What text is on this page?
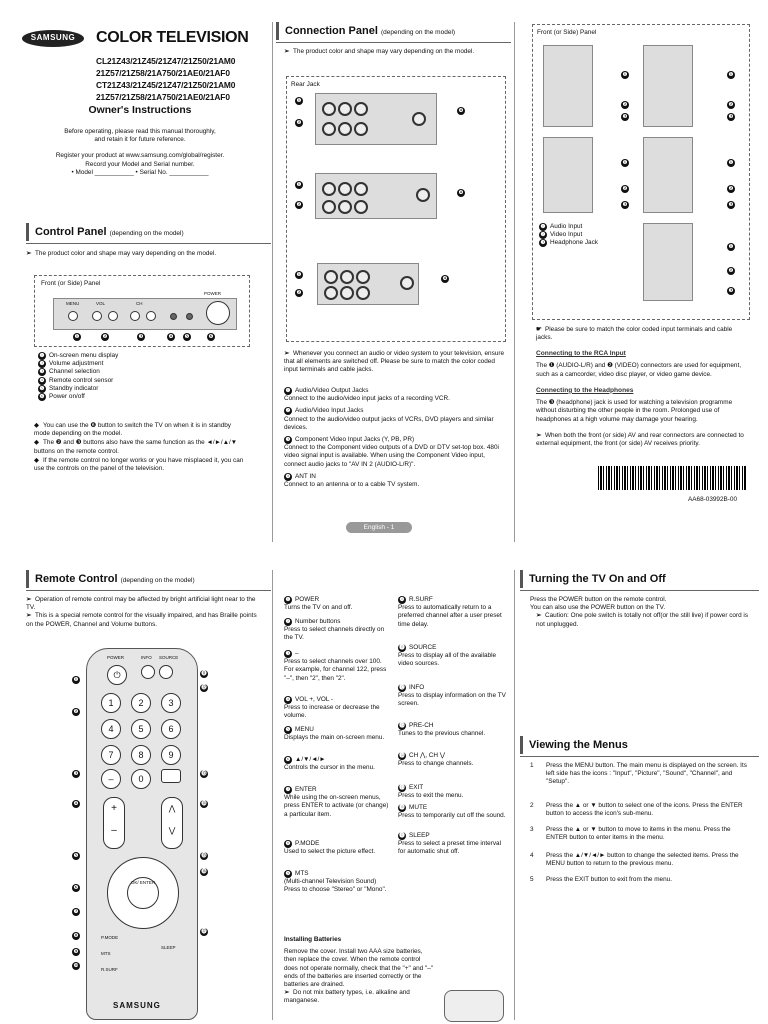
SAMSUNG	COLOR TELEVISION
CL21Z43/21Z45/21Z47/21Z50/21AM0
21Z57/21Z58/21A750/21AE0/21AF0
CT21Z43/21Z45/21Z47/21Z50/21AM0
21Z57/21Z58/21A750/21AE0/21AF0
Owner's Instructions
Before operating, please read this manual thoroughly,
and retain it for future reference.
Register your product at www.samsung.com/global/register.
Record your Model and Serial number.
• Model ___________ • Serial No. ___________
Control Panel (depending on the model)
➢ The product color and shape may vary depending on the model.
Front (or Side) Panel
MENU	VOL	CH
POWER
❶	❷	❸	❹ ❺	❻
❶ On-screen menu display
❷ Volume adjustment
❸ Channel selection
❹ Remote control sensor
❺ Standby indicator
❻ Power on/off
◆ You can use the ❻ button to switch the TV on when it is in standby mode depending on the model.
◆ The ❷ and ❸ buttons also have the same function as the ◄/►/▲/▼ buttons on the remote control.
◆ If the remote control no longer works or you have misplaced it, you can use the controls on the panel of the television.
Connection Panel (depending on the model)
➢ The product color and shape may vary depending on the model.
Rear Jack
❶
❷
❹
❶
❷
❹
❶
❷
❹
➢ Whenever you connect an audio or video system to your television, ensure that all elements are switched off. Please be sure to match the color coded input terminals and cable jacks.
❶ Audio/Video Output Jacks
Connect to the audio/video input jacks of a recording VCR.
❷ Audio/Video Input Jacks
Connect to the audio/video output jacks of VCRs, DVD players and similar devices.
❸ Component Video Input Jacks (Y, PB, PR)
Connect to the Component video outputs of a DVD or DTV set-top box. 480i video signal input is available. When using the Component Video input, connect audio jacks to "AV IN 2 (AUDIO-L/R)".
❹ ANT IN
Connect to an antenna or to a cable TV system.
English - 1
Front (or Side) Panel
❶
❷
❸
❶
❷
❸
❶
❷
❸
❶
❷
❸
❶
❷
❸
❶ Audio Input
❷ Video Input
❸ Headphone Jack
☛ Please be sure to match the color coded input terminals and cable jacks.
Connecting to the RCA Input
The ❶ (AUDIO-L/R) and ❷ (VIDEO) connectors are used for equipment, such as a camcorder, video disc player, or video game device.
Connecting to the Headphones
The ❸ (headphone) jack is used for watching a television programme without disturbing the other people in the room. Prolonged use of headphones at a high volume may damage your hearing.
➢ When both the front (or side) AV and rear connectors are connected to external equipment, the front (or side) AV receives priority.
AA68-03992B-00
Remote Control (depending on the model)
➢ Operation of remote control may be affected by bright artificial light near to the TV.
➢ This is a special remote control for the visually impaired, and has Braille points on the POWER, Channel and Volume buttons.
POWER	INFO SOURCE
⏻
1	2	3
4	5	6
7	8	9
–	0
+
–
⋀
⋁
OK/ ENTER
P.MODE
MTS
R.SURF
SLEEP
SAMSUNG
❶
❷
❸
❹
❺
❻
❼
❽
❾
❿
⓫
⓬
⓭
⓮
⓯
⓰
⓱
❶ POWER
Turns the TV on and off.
❷ Number buttons
Press to select channels directly on the TV.
❸ –
Press to select channels over 100. For example, for channel 122, press "–", then "2", then "2".
❹ VOL +, VOL -
Press to increase or decrease the volume.
❺ MENU
Displays the main on-screen menu.
❻ ▲/▼/◄/►
Controls the cursor in the menu.
❼ ENTER
While using the on-screen menus, press ENTER to activate (or change) a particular item.
❽ P.MODE
Used to select the picture effect.
❾ MTS
(Multi-channel Television Sound) Press to choose "Stereo" or "Mono".
❿ R.SURF
Press to automatically return to a preferred channel after a user preset time delay.
⓫ SOURCE
Press to display all of the available video sources.
⓬ INFO
Press to display information on the TV screen.
⓭ PRE-CH
Tunes to the previous channel.
⓮ CH ⋀, CH ⋁
Press to change channels.
⓯ EXIT
Press to exit the menu.
⓰ MUTE
Press to temporarily cut off the sound.
⓱ SLEEP
Press to select a preset time interval for automatic shut off.
Installing Batteries
Remove the cover. Install two AAA size batteries, then replace the cover. When the remote control does not operate normally, check that the "+" and "–" ends of the batteries are inserted correctly or the batteries are drained.
➢ Do not mix battery types, i.e. alkaline and manganese.
Turning the TV On and Off
Press the POWER button on the remote control.
You can also use the POWER button on the TV.
➢ Caution: One pole switch is totally not off(or the still live) if power cord is not unplugged.
Viewing the Menus
1 Press the MENU button. The main menu is displayed on the screen. Its left side has the icons : "Input", "Picture", "Sound", "Channel", and "Setup".
2 Press the ▲ or ▼ button to select one of the icons. Press the ENTER button to access the icon's sub-menu.
3 Press the ▲ or ▼ button to move to items in the menu. Press the ENTER button to enter items in the menu.
4 Press the ▲/▼/◄/► button to change the selected items. Press the MENU button to return to the previous menu.
5 Press the EXIT button to exit from the menu.
